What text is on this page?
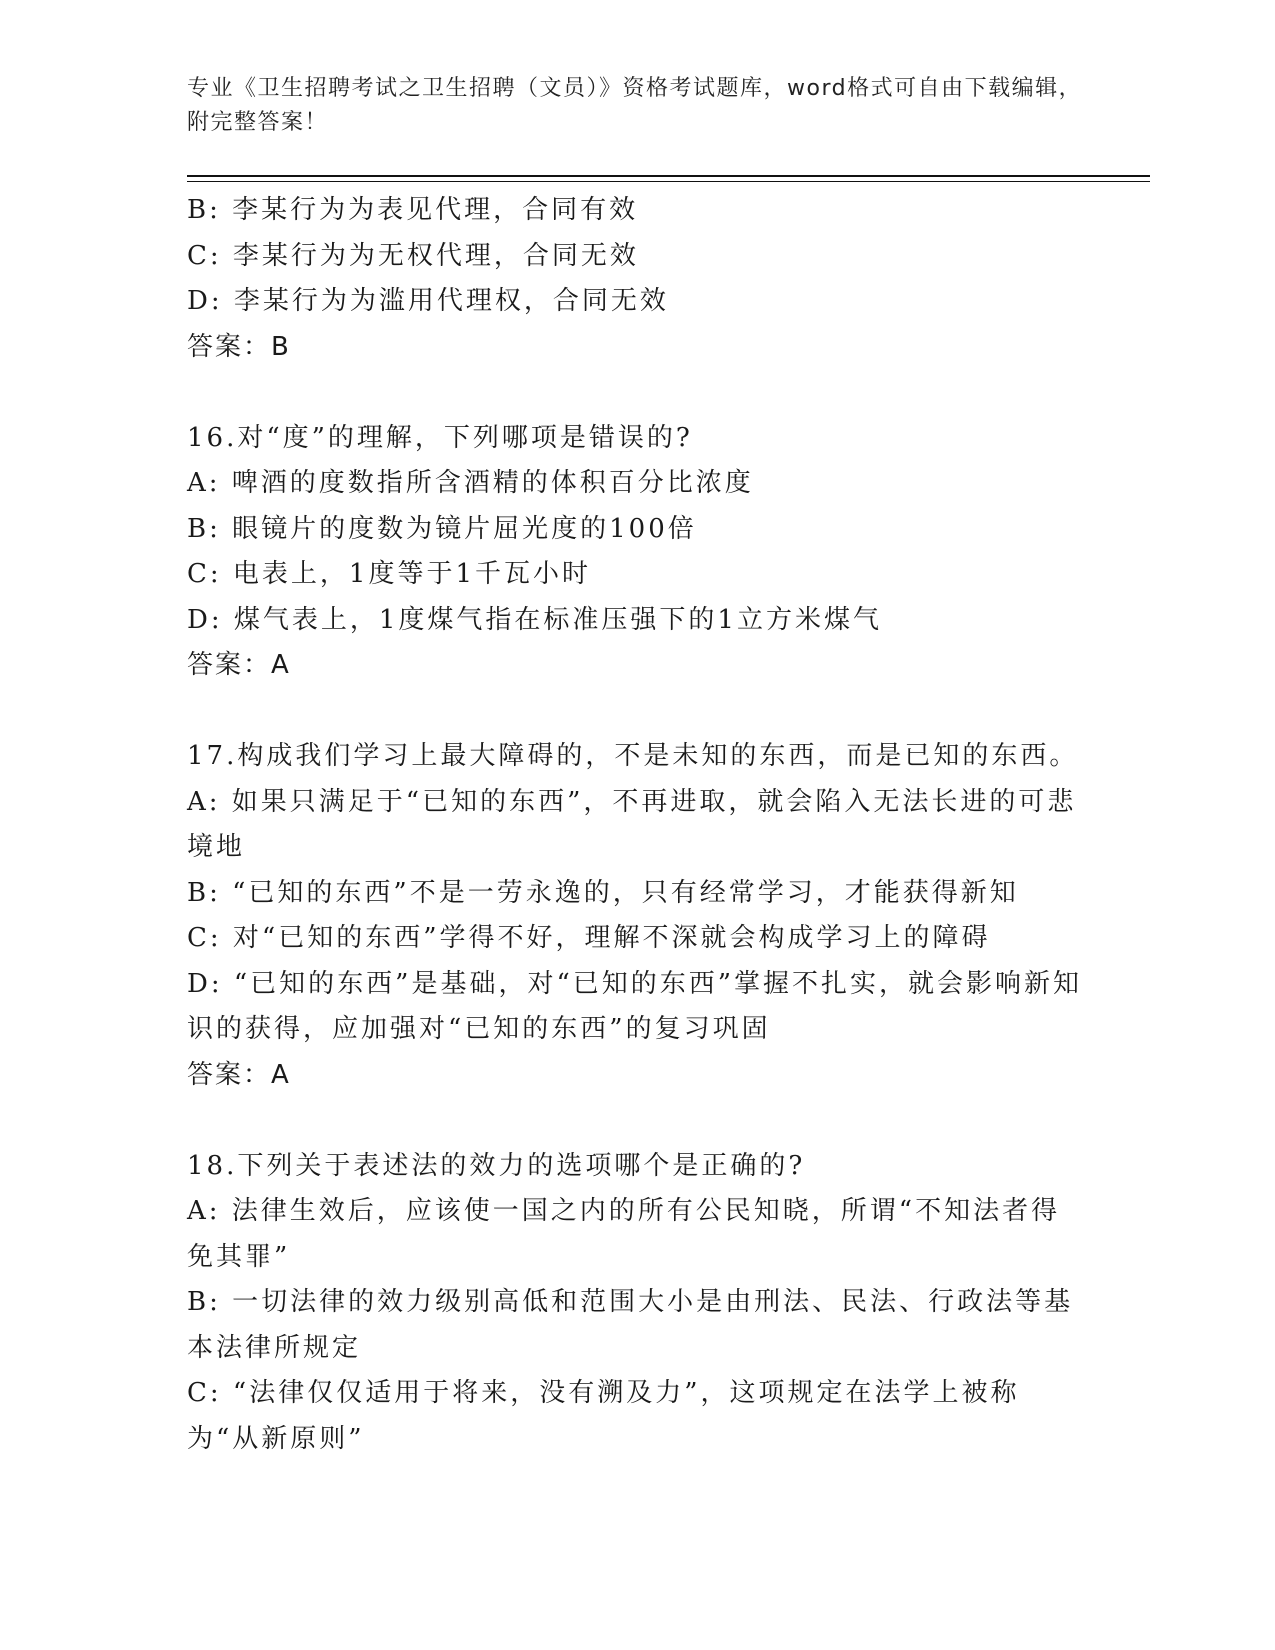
专业《卫生招聘考试之卫生招聘（文员）》资格考试题库，word格式可自由下载编辑，附完整答案！
B: 李某行为为表见代理，合同有效
C: 李某行为为无权代理，合同无效
D: 李某行为为滥用代理权，合同无效
答案：B
16.对“度”的理解，下列哪项是错误的?
A: 啤酒的度数指所含酒精的体积百分比浓度
B: 眼镜片的度数为镜片屈光度的100倍
C: 电表上，1度等于1千瓦小时
D: 煤气表上，1度煤气指在标准压强下的1立方米煤气
答案：A
17.构成我们学习上最大障碍的，不是未知的东西，而是已知的东西。
A: 如果只满足于“已知的东西”，不再进取，就会陷入无法长进的可悲境地
B: “已知的东西”不是一劳永逸的，只有经常学习，才能获得新知
C: 对“已知的东西”学得不好，理解不深就会构成学习上的障碍
D: “已知的东西”是基础，对“已知的东西”掌握不扎实，就会影响新知识的获得，应加强对“已知的东西”的复习巩固
答案：A
18.下列关于表述法的效力的选项哪个是正确的?
A: 法律生效后，应该使一国之内的所有公民知晓，所谓“不知法者得免其罪”
B: 一切法律的效力级别高低和范围大小是由刑法、民法、行政法等基本法律所规定
C: “法律仅仅适用于将来，没有溯及力”，这项规定在法学上被称为“从新原则”
